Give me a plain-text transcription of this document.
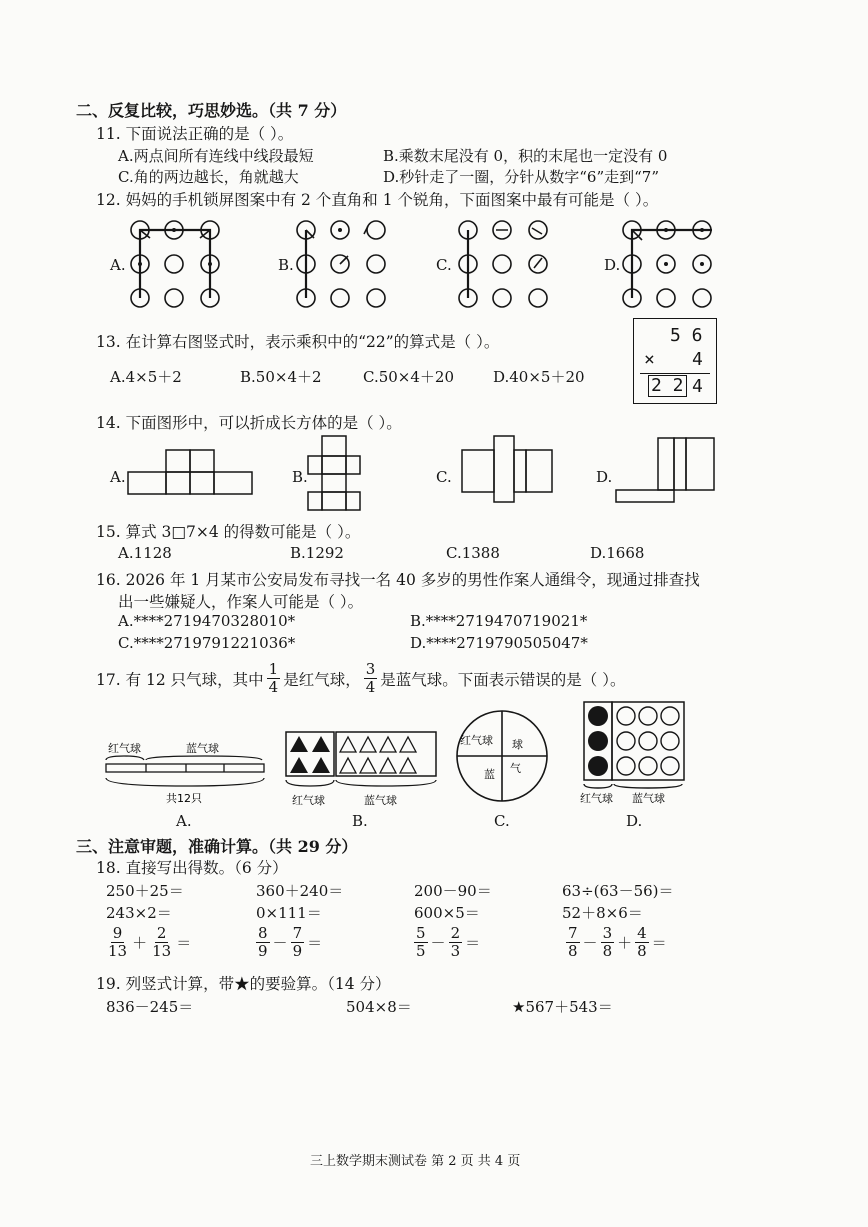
二、反复比较，巧思妙选。（共 7 分）
11. 下面说法正确的是（ ）。
A.两点间所有连线中线段最短	B.乘数末尾没有 0，积的末尾也一定没有 0
C.角的两边越长，角就越大	D.秒针走了一圈，分针从数字“6”走到“7”
12. 妈妈的手机锁屏图案中有 2 个直角和 1 个锐角，下面图案中最有可能是（ ）。
A.	B.	C.	D.
13. 在计算右图竖式时，表示乘积中的“22”的算式是（ ）。
A.4×5＋2	B.50×4＋2	C.50×4＋20	D.40×5＋20
5 6
× 4
2 2 4
14. 下面图形中，可以折成长方体的是（ ）。
A.	B.	C.	D.
15. 算式 3□7×4 的得数可能是（ ）。
A.1128	B.1292	C.1388	D.1668
16. 2026 年 1 月某市公安局发布寻找一名 40 多岁的男性作案人通缉令，现通过排查找
出一些嫌疑人，作案人可能是（ ）。
A.****2719470328010*	B.****2719470719021*
C.****2719791221036*	D.****2719790505047*
17. 有 12 只气球，其中 $\frac{1}{4}$ 是红气球， $\frac{3}{4}$ 是蓝气球。下面表示错误的是（ ）。
红气球	蓝气球
共12只
A.
红气球	蓝气球
B.
红气球 球
蓝 气
C.
红气球 蓝气球
D.
三、注意审题，准确计算。（共 29 分）
18. 直接写出得数。（6 分）
250＋25＝	360＋240＝	200－90＝	63÷(63－56)＝
243×2＝	0×111＝	600×5＝	52＋8×6＝
$\frac{9}{13} + \frac{2}{13}$ ＝	$\frac{8}{9} - \frac{7}{9}$ ＝	$\frac{5}{5} - \frac{2}{3}$ ＝	$\frac{7}{8} - \frac{3}{8} + \frac{4}{8}$ ＝
19. 列竖式计算，带★的要验算。（14 分）
836－245＝	504×8＝	★567＋543＝
三上数学期末测试卷 第 2 页 共 4 页
